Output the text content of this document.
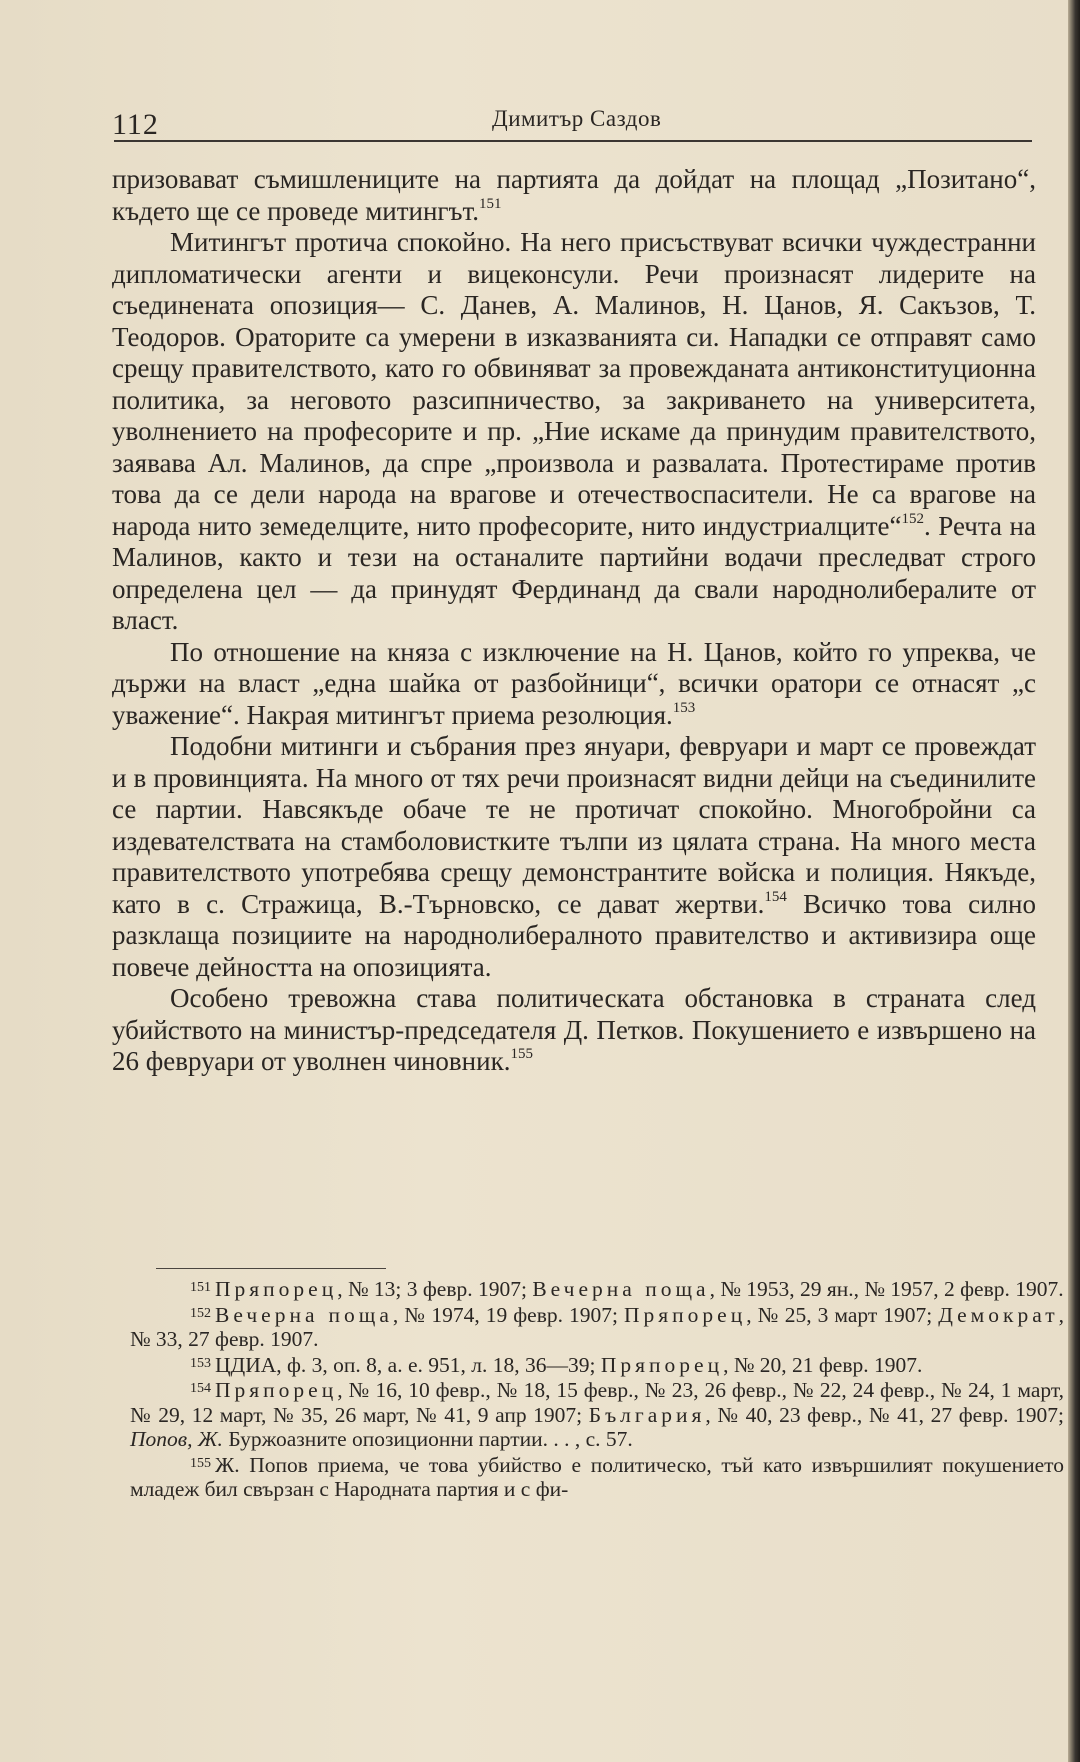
112	Димитър Саздов

призовават съмишлениците на партията да дойдат на площад „Позитано“, където ще се проведе митингът.$^{151}$

Митингът протича спокойно. На него присъствуват всички чуждестранни дипломатически агенти и вицеконсули. Речи произнасят лидерите на съединената опозиция— С. Данев, А. Малинов, Н. Цанов, Я. Сакъзов, Т. Теодоров. Ораторите са умерени в изказванията си. Нападки се отправят само срещу правителството, като го обвиняват за провежданата антиконституционна политика, за неговото разсипничество, за закриването на университета, уволнението на професорите и пр. „Ние искаме да принудим правителството, заявава Ал. Малинов, да спре „произвола и развалата. Протестираме против това да се дели народа на врагове и отечествоспасители. Не са врагове на народа нито земеделците, нито професорите, нито индустриалците“$^{152}$. Речта на Малинов, както и тези на останалите партийни водачи преследват строго определена цел — да принудят Фердинанд да свали народнолибералите от власт.

По отношение на княза с изключение на Н. Цанов, който го упреква, че държи на власт „една шайка от разбойници“, всички оратори се отнасят „с уважение“. Накрая митингът приема резолюция.$^{153}$

Подобни митинги и събрания през януари, февруари и март се провеждат и в провинцията. На много от тях речи произнасят видни дейци на съединилите се партии. Навсякъде обаче те не протичат спокойно. Многобройни са издевателствата на стамболовистките тълпи из цялата страна. На много места правителството употребява срещу демонстрантите войска и полиция. Някъде, като в с. Стражица, В.-Търновско, се дават жертви.$^{154}$ Всичко това силно разклаща позициите на народнолибералното правителство и активизира още повече дейността на опозицията.

Особено тревожна става политическата обстановка в страната след убийството на министър-председателя Д. Петков. Покушението е извършено на 26 февруари от уволнен чиновник.$^{155}$

151 Пряпорец, № 13; 3 февр. 1907; Вечерна поща, № 1953, 29 ян., № 1957, 2 февр. 1907.

152 Вечерна поща, № 1974, 19 февр. 1907; Пряпорец, № 25, 3 март 1907; Демократ, № 33, 27 февр. 1907.

153 ЦДИА, ф. 3, оп. 8, а. е. 951, л. 18, 36—39; Пряпорец, № 20, 21 февр. 1907.

154 Пряпорец, № 16, 10 февр., № 18, 15 февр., № 23, 26 февр., № 22, 24 февр., № 24, 1 март, № 29, 12 март, № 35, 26 март, № 41, 9 апр 1907; България, № 40, 23 февр., № 41, 27 февр. 1907; Попов, Ж. Буржоазните опозиционни партии. . . , с. 57.

155 Ж. Попов приема, че това убийство е политическо, тъй като извършилият покушението младеж бил свързан с Народната партия и с фи-
